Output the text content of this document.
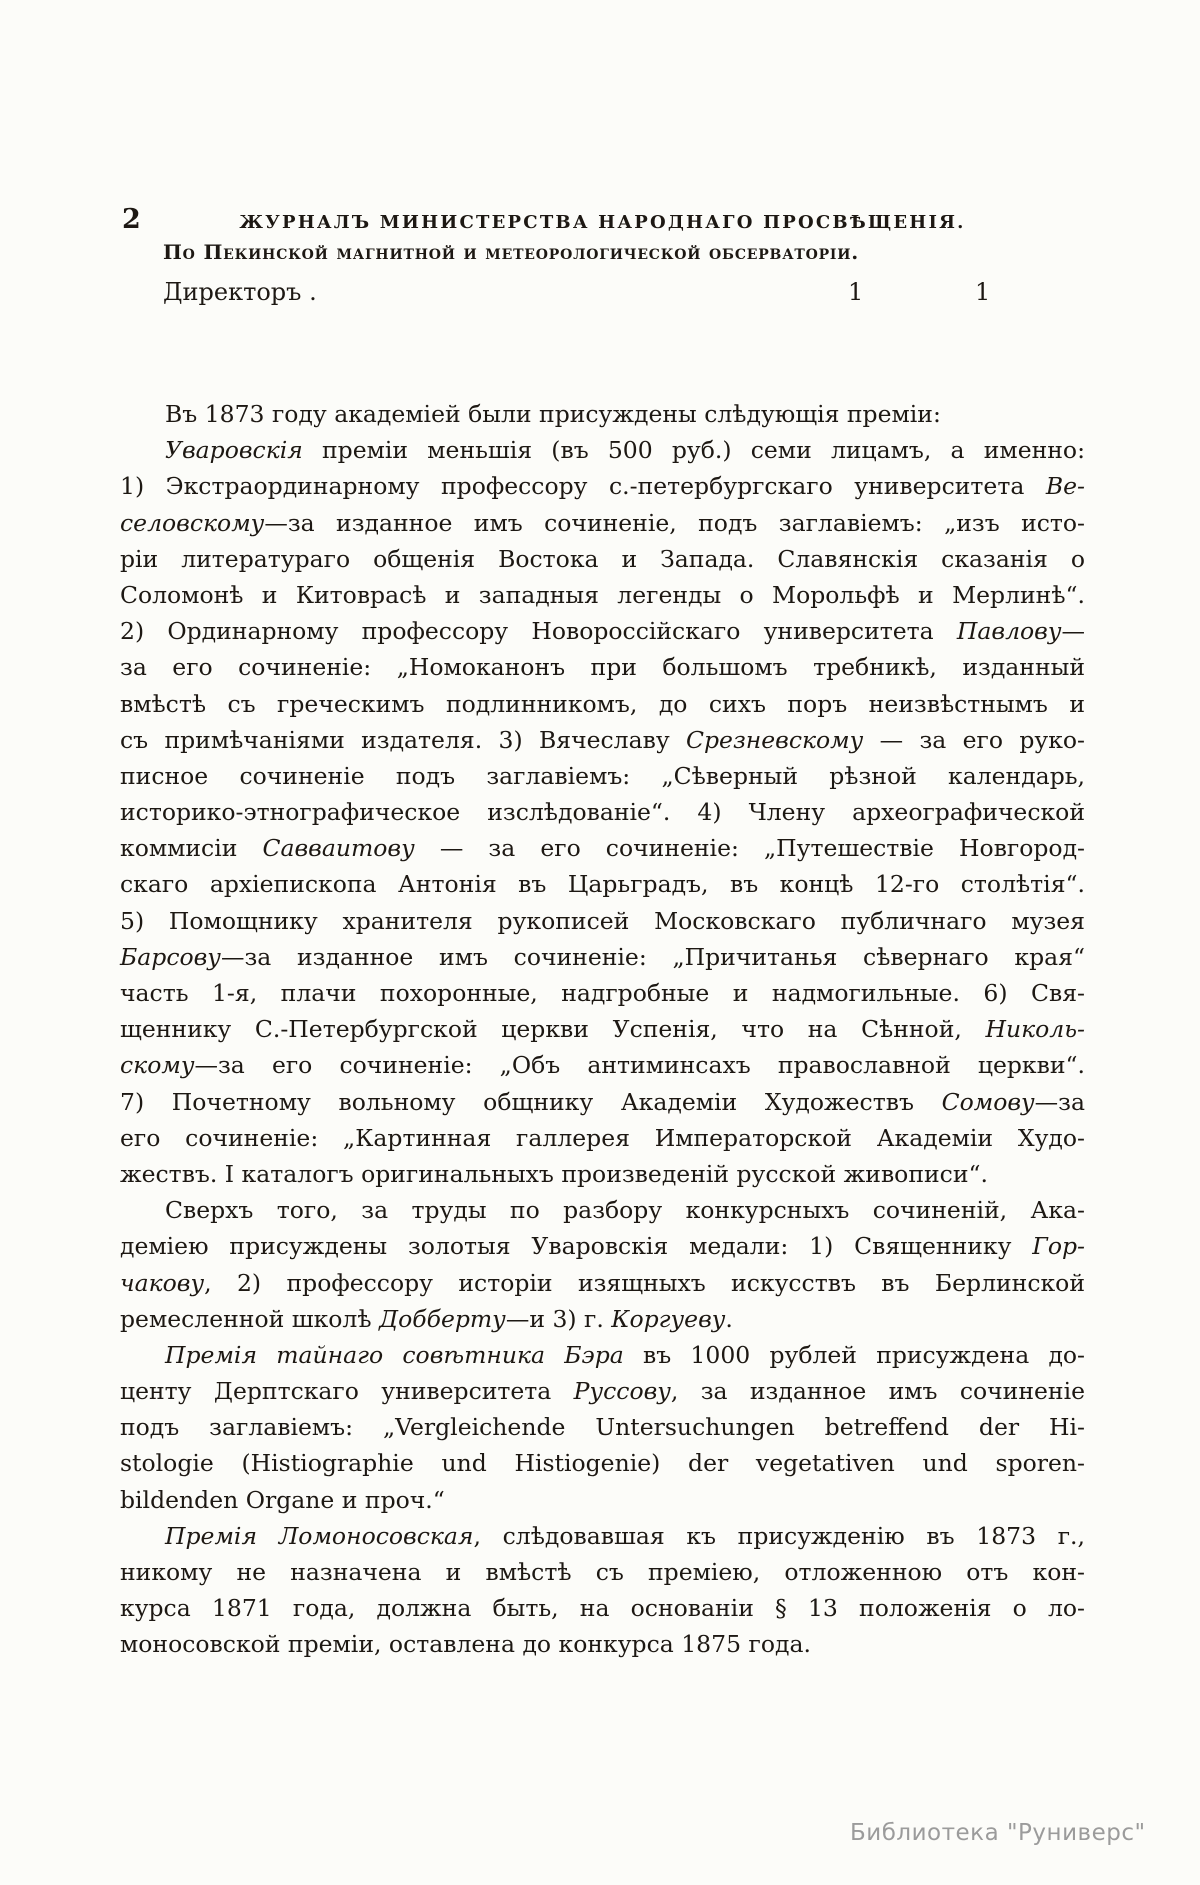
2	ЖУРНАЛЪ МИНИСТЕРСТВА НАРОДНАГО ПРОСВѢЩЕНІЯ.
По Пекинской магнитной и метеорологической обсерваторіи.
Директоръ .	1	1
Въ 1873 году академіей были присуждены слѣдующія преміи:
Уваровскія преміи меньшія (въ 500 руб.) семи лицамъ, а именно:
1) Экстраординарному профессору с.-петербургскаго университета Ве-
селовскому—за изданное имъ сочиненіе, подъ заглавіемъ: „изъ исто-
ріи литератураго общенія Востока и Запада. Славянскія сказанія о
Соломонѣ и Китоврасѣ и западныя легенды о Морольфѣ и Мерлинѣ“.
2) Ординарному профессору Новороссійскаго университета Павлову—
за его сочиненіе: „Номоканонъ при большомъ требникѣ, изданный
вмѣстѣ съ греческимъ подлинникомъ, до сихъ поръ неизвѣстнымъ и
съ примѣчаніями издателя. 3) Вячеславу Срезневскому — за его руко-
писное сочиненіе подъ заглавіемъ: „Сѣверный рѣзной календарь,
историко-этнографическое изслѣдованіе“. 4) Члену археографической
коммисіи Савваитову — за его сочиненіе: „Путешествіе Новгород-
скаго архіепископа Антонія въ Царьградъ, въ концѣ 12-го столѣтія“.
5) Помощнику хранителя рукописей Московскаго публичнаго музея
Барсову—за изданное имъ сочиненіе: „Причитанья сѣвернаго края“
часть 1-я, плачи похоронные, надгробные и надмогильные. 6) Свя-
щеннику С.-Петербургской церкви Успенія, что на Сѣнной, Николь-
скому—за его сочиненіе: „Объ антиминсахъ православной церкви“.
7) Почетному вольному общнику Академіи Художествъ Сомову—за
его сочиненіе: „Картинная галлерея Императорской Академіи Худо-
жествъ. I каталогъ оригинальныхъ произведеній русской живописи“.
Сверхъ того, за труды по разбору конкурсныхъ сочиненій, Ака-
деміею присуждены золотыя Уваровскія медали: 1) Священнику Гор-
чакову, 2) профессору исторіи изящныхъ искусствъ въ Берлинской
ремесленной школѣ Добберту—и 3) г. Коргуеву.
Премія тайнаго совѣтника Бэра въ 1000 рублей присуждена до-
центу Дерптскаго университета Руссову, за изданное имъ сочиненіе
подъ заглавіемъ: „Vergleichende Untersuchungen betreffend der Hi-
stologie (Histiographie und Histiogenie) der vegetativen und sporen-
bildenden Organe и проч.“
Премія Ломоносовская, слѣдовавшая къ присужденію въ 1873 г.,
никому не назначена и вмѣстѣ съ преміею, отложенною отъ кон-
курса 1871 года, должна быть, на основаніи § 13 положенія о ло-
моносовской преміи, оставлена до конкурса 1875 года.
Библиотека "Руниверс"
